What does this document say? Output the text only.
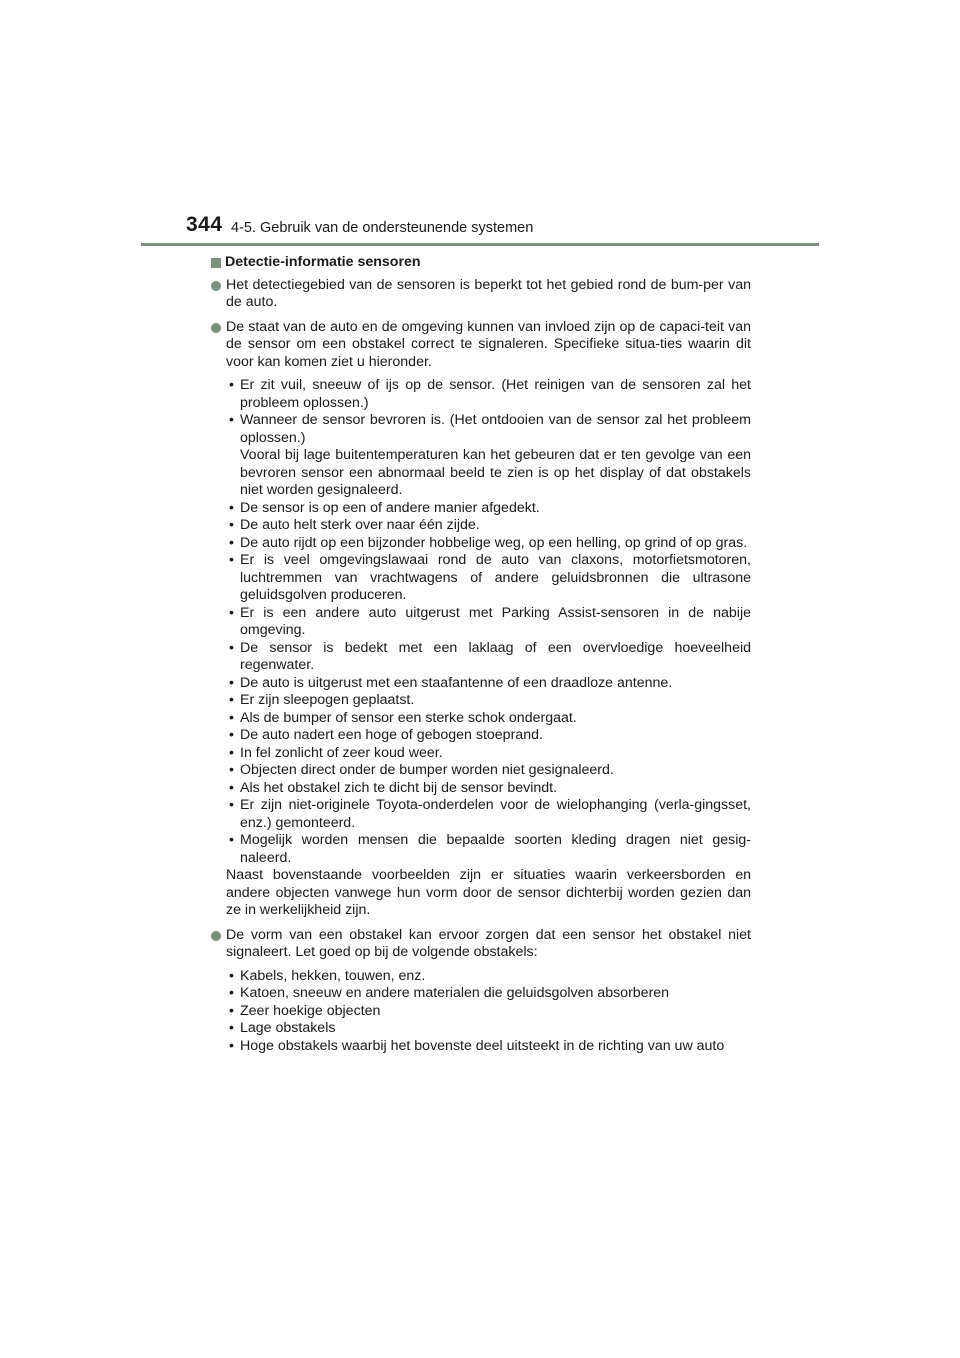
344 4-5. Gebruik van de ondersteunende systemen
Detectie-informatie sensoren
Het detectiegebied van de sensoren is beperkt tot het gebied rond de bum-per van de auto.
De staat van de auto en de omgeving kunnen van invloed zijn op de capaci-teit van de sensor om een obstakel correct te signaleren. Specifieke situa-ties waarin dit voor kan komen ziet u hieronder.
• Er zit vuil, sneeuw of ijs op de sensor. (Het reinigen van de sensoren zal het probleem oplossen.)
• Wanneer de sensor bevroren is. (Het ontdooien van de sensor zal het probleem oplossen.)
Vooral bij lage buitentemperaturen kan het gebeuren dat er ten gevolge van een bevroren sensor een abnormaal beeld te zien is op het display of dat obstakels niet worden gesignaleerd.
• De sensor is op een of andere manier afgedekt.
• De auto helt sterk over naar één zijde.
• De auto rijdt op een bijzonder hobbelige weg, op een helling, op grind of op gras.
• Er is veel omgevingslawaai rond de auto van claxons, motorfietsmotoren, luchtremmen van vrachtwagens of andere geluidsbronnen die ultrasone geluidsgolven produceren.
• Er is een andere auto uitgerust met Parking Assist-sensoren in de nabije omgeving.
• De sensor is bedekt met een laklaag of een overvloedige hoeveelheid regenwater.
• De auto is uitgerust met een staafantenne of een draadloze antenne.
• Er zijn sleepogen geplaatst.
• Als de bumper of sensor een sterke schok ondergaat.
• De auto nadert een hoge of gebogen stoeprand.
• In fel zonlicht of zeer koud weer.
• Objecten direct onder de bumper worden niet gesignaleerd.
• Als het obstakel zich te dicht bij de sensor bevindt.
• Er zijn niet-originele Toyota-onderdelen voor de wielophanging (verla-gingsset, enz.) gemonteerd.
• Mogelijk worden mensen die bepaalde soorten kleding dragen niet gesig-naleerd.
Naast bovenstaande voorbeelden zijn er situaties waarin verkeersborden en andere objecten vanwege hun vorm door de sensor dichterbij worden gezien dan ze in werkelijkheid zijn.
De vorm van een obstakel kan ervoor zorgen dat een sensor het obstakel niet signaleert. Let goed op bij de volgende obstakels:
• Kabels, hekken, touwen, enz.
• Katoen, sneeuw en andere materialen die geluidsgolven absorberen
• Zeer hoekige objecten
• Lage obstakels
• Hoge obstakels waarbij het bovenste deel uitsteekt in de richting van uw auto
